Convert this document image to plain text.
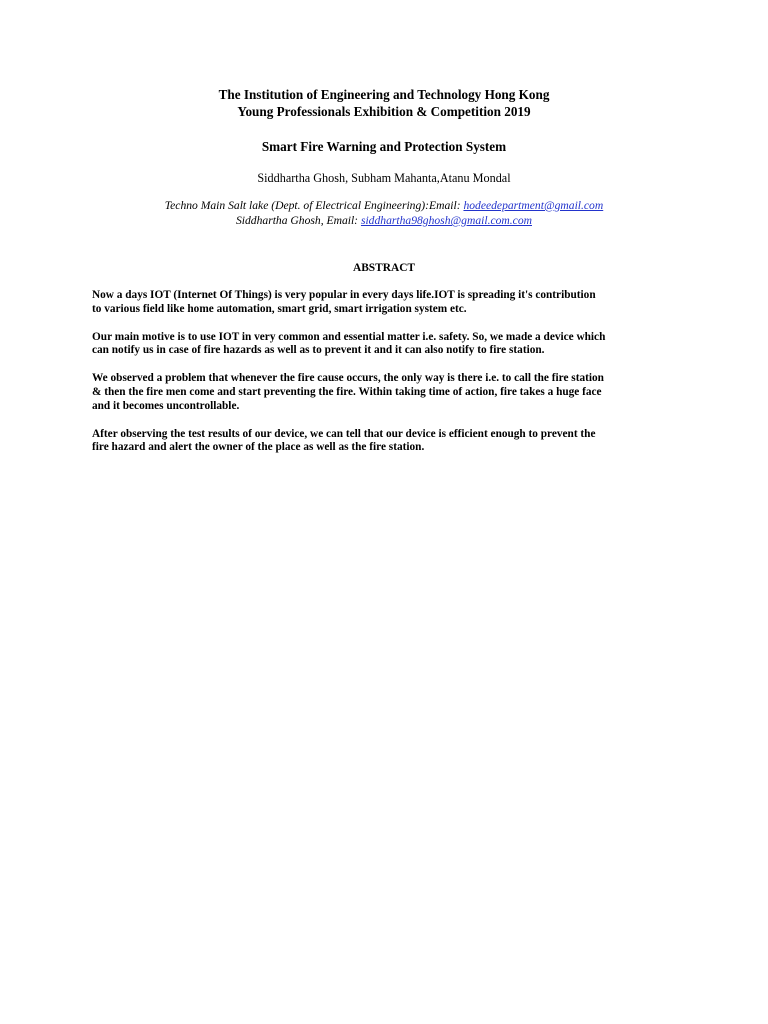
The Institution of Engineering and Technology Hong Kong
Young Professionals Exhibition & Competition 2019
Smart Fire Warning and Protection System
Siddhartha Ghosh, Subham Mahanta,Atanu Mondal
Techno Main Salt lake (Dept. of Electrical Engineering):Email: hodeedepartment@gmail.com
Siddhartha Ghosh, Email: siddhartha98ghosh@gmail.com.com
ABSTRACT

Now a days IOT (Internet Of Things) is very popular in every days life.IOT is spreading it's contribution
to various field like home automation, smart grid, smart irrigation system etc.

Our main motive is to use IOT in very common and essential matter i.e. safety. So, we made a device which
can notify us in case of fire hazards as well as to prevent it and it can also notify to fire station.

We observed a problem that whenever the fire cause occurs, the only way is there i.e. to call the fire station
& then the fire men come and start preventing the fire. Within taking time of action, fire takes a huge face
and it becomes uncontrollable.

After observing the test results of our device, we can tell that our device is efficient enough to prevent the
fire hazard and alert the owner of the place as well as the fire station.
